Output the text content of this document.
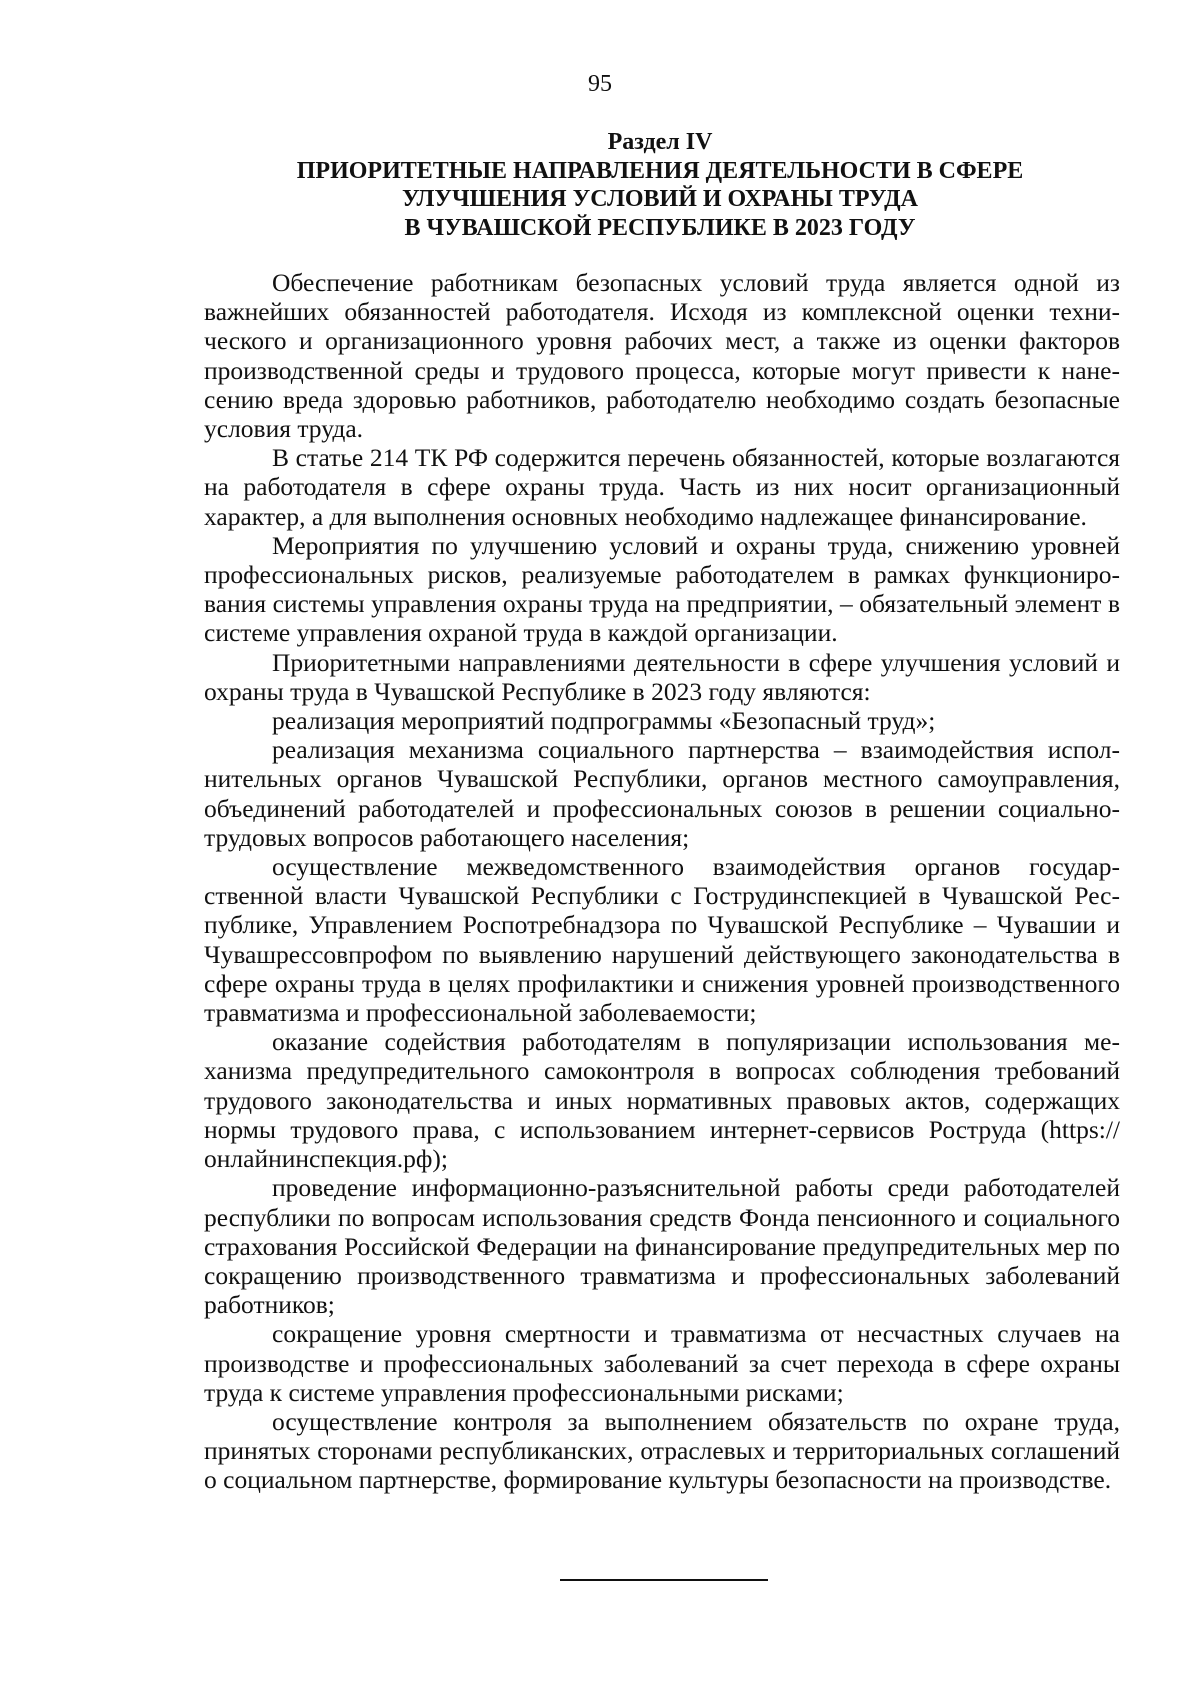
95
Раздел IV
ПРИОРИТЕТНЫЕ НАПРАВЛЕНИЯ ДЕЯТЕЛЬНОСТИ В СФЕРЕ
УЛУЧШЕНИЯ УСЛОВИЙ И ОХРАНЫ ТРУДА
В ЧУВАШСКОЙ РЕСПУБЛИКЕ В 2023 ГОДУ

Обеспечение работникам безопасных условий труда является одной из важнейших обязанностей работодателя. Исходя из комплексной оценки технического и организационного уровня рабочих мест, а также из оценки факторов производственной среды и трудового процесса, которые могут привести к нанесению вреда здоровью работников, работодателю необходимо создать безопасные условия труда.

В статье 214 ТК РФ содержится перечень обязанностей, которые возлагаются на работодателя в сфере охраны труда. Часть из них носит организационный характер, а для выполнения основных необходимо надлежащее финансирование.

Мероприятия по улучшению условий и охраны труда, снижению уровней профессиональных рисков, реализуемые работодателем в рамках функционирования системы управления охраны труда на предприятии, – обязательный элемент в системе управления охраной труда в каждой организации.

Приоритетными направлениями деятельности в сфере улучшения условий и охраны труда в Чувашской Республике в 2023 году являются:

реализация мероприятий подпрограммы «Безопасный труд»;

реализация механизма социального партнерства – взаимодействия исполнительных органов Чувашской Республики, органов местного самоуправления, объединений работодателей и профессиональных союзов в решении социально-трудовых вопросов работающего населения;

осуществление межведомственного взаимодействия органов государственной власти Чувашской Республики с Гострудинспекцией в Чувашской Республике, Управлением Роспотребнадзора по Чувашской Республике – Чувашии и Чувашрессовпрофом по выявлению нарушений действующего законодательства в сфере охраны труда в целях профилактики и снижения уровней производственного травматизма и профессиональной заболеваемости;

оказание содействия работодателям в популяризации использования механизма предупредительного самоконтроля в вопросах соблюдения требований трудового законодательства и иных нормативных правовых актов, содержащих нормы трудового права, с использованием интернет-сервисов Роструда (https://онлайнинспекция.рф);

проведение информационно-разъяснительной работы среди работодателей республики по вопросам использования средств Фонда пенсионного и социального страхования Российской Федерации на финансирование предупредительных мер по сокращению производственного травматизма и профессиональных заболеваний работников;

сокращение уровня смертности и травматизма от несчастных случаев на производстве и профессиональных заболеваний за счет перехода в сфере охраны труда к системе управления профессиональными рисками;

осуществление контроля за выполнением обязательств по охране труда, принятых сторонами республиканских, отраслевых и территориальных соглашений о социальном партнерстве, формирование культуры безопасности на производстве.
